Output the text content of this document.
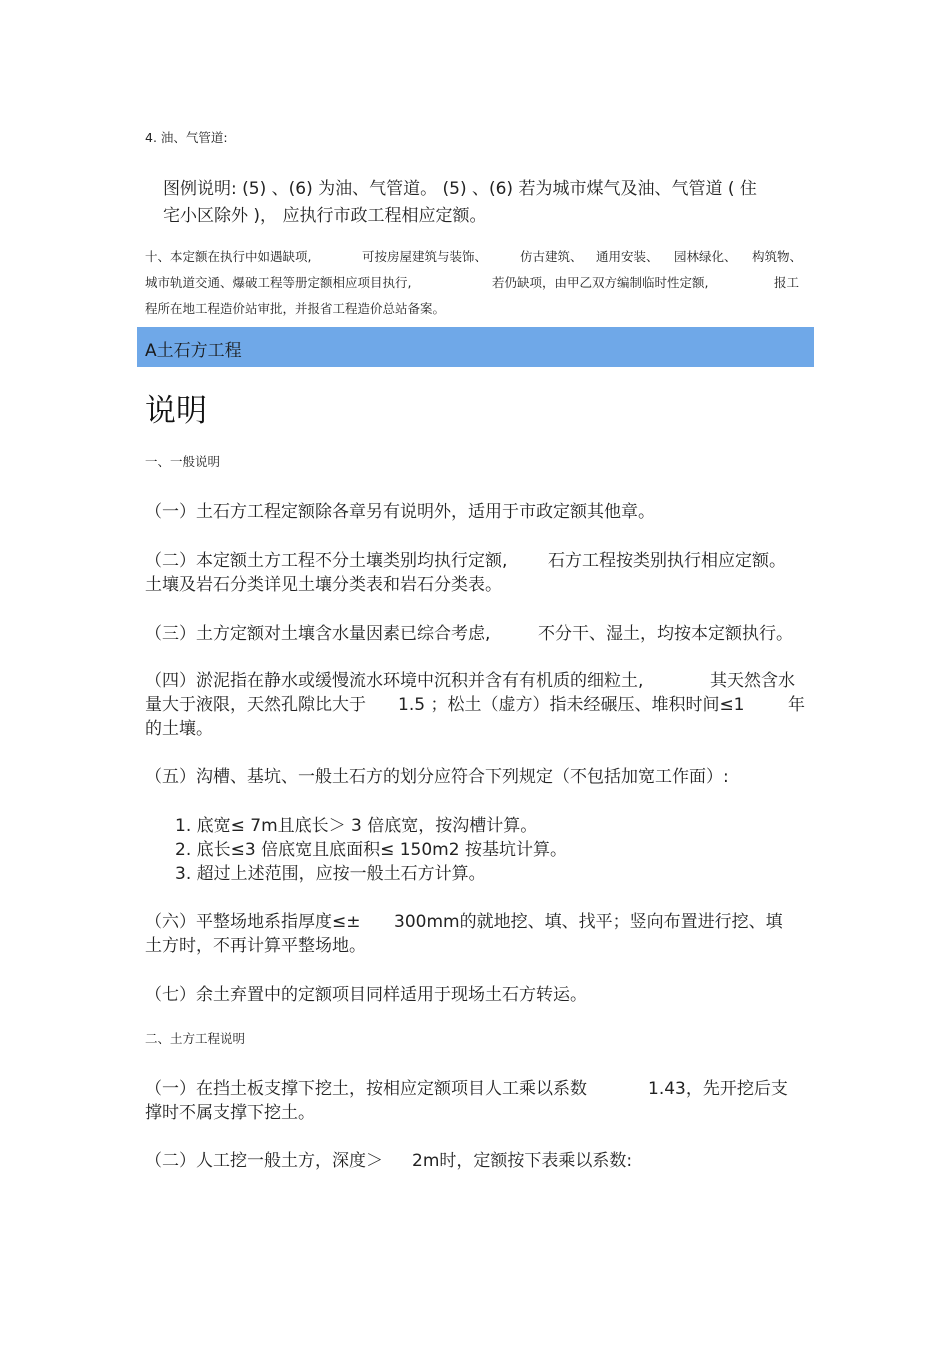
4. 油、气管道:
图例说明: (5) 、(6) 为油、气管道。 (5) 、(6) 若为城市煤气及油、气管道 ( 住
宅小区除外 )， 应执行市政工程相应定额。
十、本定额在执行中如遇缺项,	可按房屋建筑与装饰、	仿古建筑、 通用安装、 园林绿化、 构筑物、
城市轨道交通、爆破工程等册定额相应项目执行,	若仍缺项，由甲乙双方编制临时性定额,	报工
程所在地工程造价站审批，并报省工程造价总站备案。
A土石方工程
说明
一、一般说明
（一）土石方工程定额除各章另有说明外，适用于市政定额其他章。
（二）本定额土方工程不分土壤类别均执行定额, 石方工程按类别执行相应定额。
土壤及岩石分类详见土壤分类表和岩石分类表。
（三）土方定额对土壤含水量因素已综合考虑,	不分干、湿土，均按本定额执行。
（四）淤泥指在静水或缓慢流水环境中沉积并含有有机质的细粒土,	其天然含水
量大于液限，天然孔隙比大于 1.5 ；松土（虚方）指未经碾压、堆积时间≤1	年
的土壤。
（五）沟槽、基坑、一般土石方的划分应符合下列规定（不包括加宽工作面）:
1. 底宽≤ 7m且底长＞ 3 倍底宽，按沟槽计算。
2. 底长≤3 倍底宽且底面积≤ 150m2 按基坑计算。
3. 超过上述范围，应按一般土石方计算。
（六）平整场地系指厚度≤± 300mm的就地挖、填、找平；竖向布置进行挖、填
土方时，不再计算平整场地。
（七）余土弃置中的定额项目同样适用于现场土石方转运。
二、土方工程说明
（一）在挡土板支撑下挖土，按相应定额项目人工乘以系数	1.43，先开挖后支
撑时不属支撑下挖土。
（二）人工挖一般土方，深度＞ 2m时，定额按下表乘以系数:
